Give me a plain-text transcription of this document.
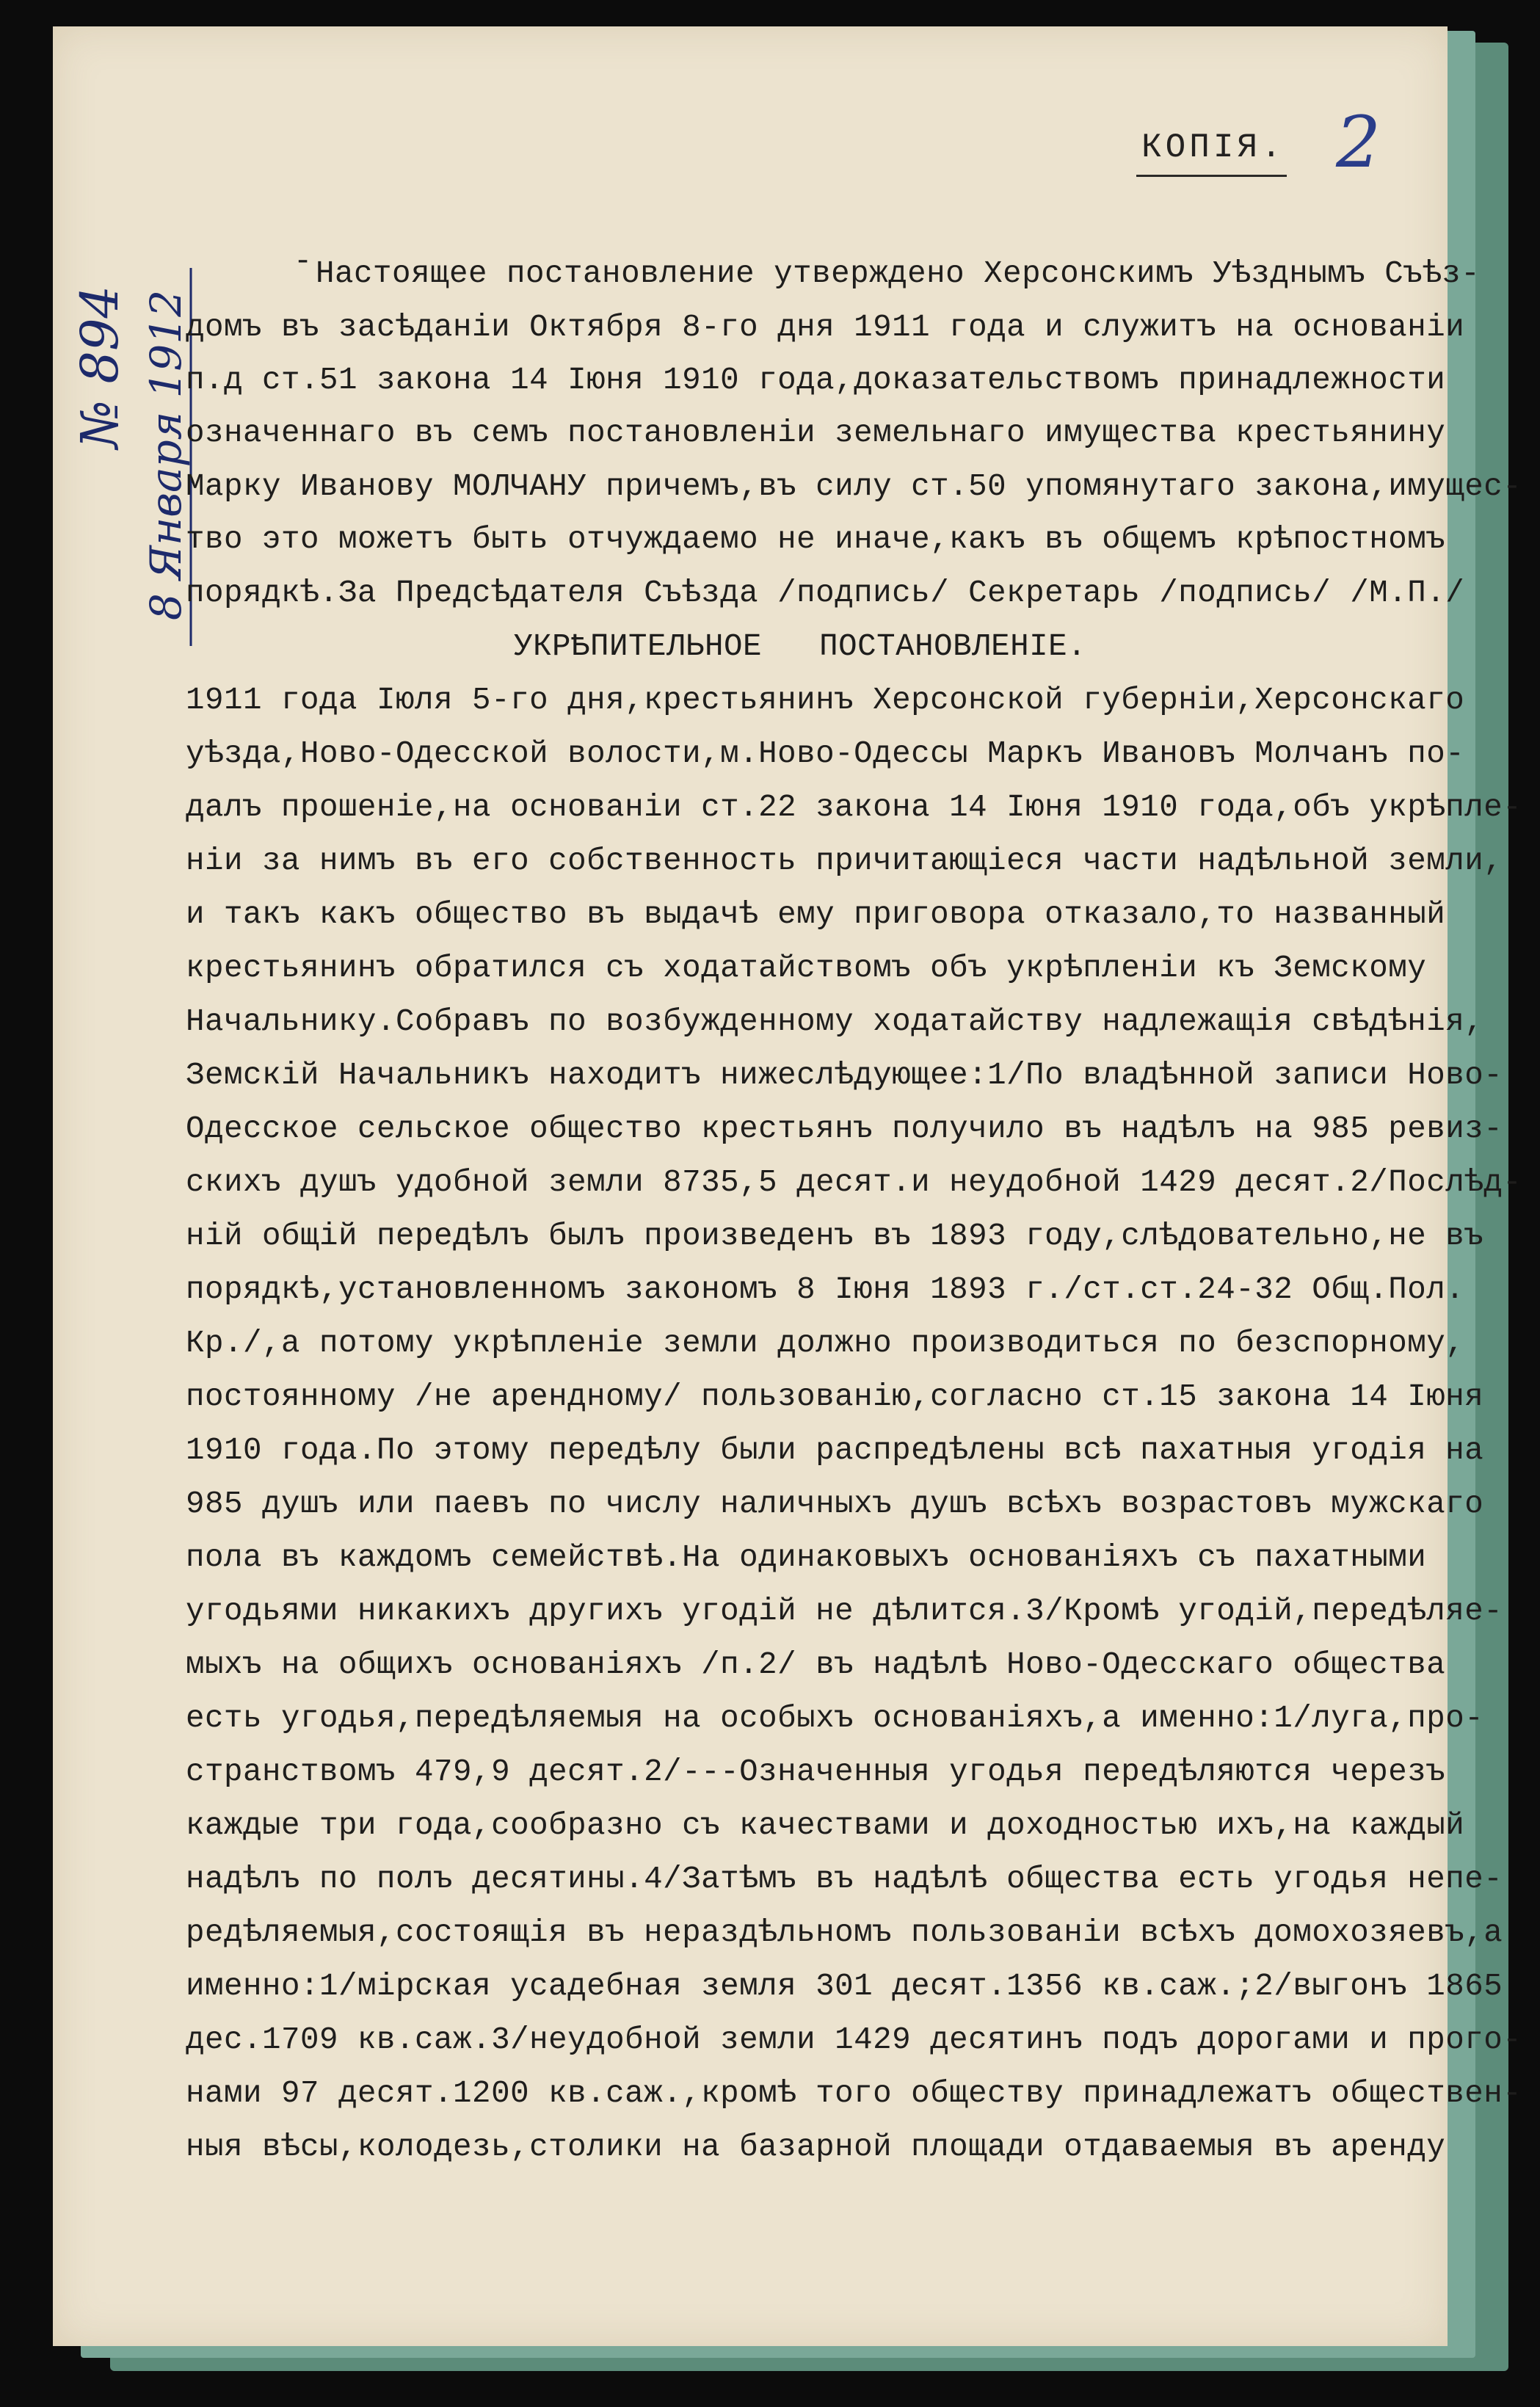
КОПІЯ. 2
-
№ 894 8 Января 1912
Настоящее постановление утверждено Херсонскимъ Уѣзднымъ Съѣз-
домъ въ засѣданіи Октября 8-го дня 1911 года и служитъ на основаніи
п.д ст.51 закона 14 Іюня 1910 года,доказательствомъ принадлежности
означеннаго въ семъ постановленіи земельнаго имущества крестьянину
Марку Ивановy МОЛЧАНУ причемъ,въ силу ст.50 упомянутаго закона,имущес-
тво это можетъ быть отчуждаемо не иначе,какъ въ общемъ крѣпостномъ
порядкѣ.За Предсѣдателя Съѣзда /подпись/ Секретарь /подпись/ /М.П./
УКРѢПИТЕЛЬНОЕ   ПОСТАНОВЛЕНІЕ.
1911 года Іюля 5-го дня,крестьянинъ Херсонской губерніи,Херсонскаго
уѣзда,Ново-Одесской волости,м.Ново-Одессы Маркъ Ивановъ Молчанъ по-
далъ прошеніе,на основаніи ст.22 закона 14 Іюня 1910 года,объ укрѣпле-
ніи за нимъ въ его собственность причитающіеся части надѣльной земли,
и такъ какъ общество въ выдачѣ ему приговора отказало,то названный
крестьянинъ обратился съ ходатайствомъ объ укрѣпленіи къ Земскому
Начальнику.Собравъ по возбужденному ходатайству надлежащія свѣдѣнія,
Земскій Начальникъ находитъ нижеслѣдующее:1/По владѣнной записи Ново-
Одесское сельское общество крестьянъ получило въ надѣлъ на 985 ревиз-
скихъ душъ удобной земли 8735,5 десят.и неудобной 1429 десят.2/Послѣд-
ній общій передѣлъ былъ произведенъ въ 1893 году,слѣдовательно,не въ
порядкѣ,установленномъ закономъ 8 Іюня 1893 г./ст.ст.24-32 Общ.Пол.
Кр./,а потому укрѣпленіе земли должно производиться по безспорному,
постоянному /не арендному/ пользованію,согласно ст.15 закона 14 Іюня
1910 года.По этому передѣлу были распредѣлены всѣ пахатныя угодія на
985 душъ или паевъ по числу наличныхъ душъ всѣхъ возрастовъ мужскаго
пола въ каждомъ семействѣ.На одинаковыхъ основаніяхъ съ пахатными
угодьями никакихъ другихъ угодій не дѣлится.3/Кромѣ угодій,передѣляе-
мыхъ на общихъ основаніяхъ /п.2/ въ надѣлѣ Ново-Одесскаго общества
есть угодья,передѣляемыя на особыхъ основаніяхъ,а именно:1/луга,про-
странствомъ 479,9 десят.2/---Означенныя угодья передѣляются черезъ
каждые три года,сообразно съ качествами и доходностью ихъ,на каждый
надѣлъ по полъ десятины.4/Затѣмъ въ надѣлѣ общества есть угодья непе-
редѣляемыя,состоящія въ нераздѣльномъ пользованіи всѣхъ домохозяевъ,а
именно:1/мірская усадебная земля 301 десят.1356 кв.саж.;2/выгонъ 1865
дес.1709 кв.саж.3/неудобной земли 1429 десятинъ подъ дорогами и прого-
нами 97 десят.1200 кв.саж.,кромѣ того обществу принадлежатъ обществен-
ныя вѣсы,колодезь,столики на базарной площади отдаваемыя въ аренду
